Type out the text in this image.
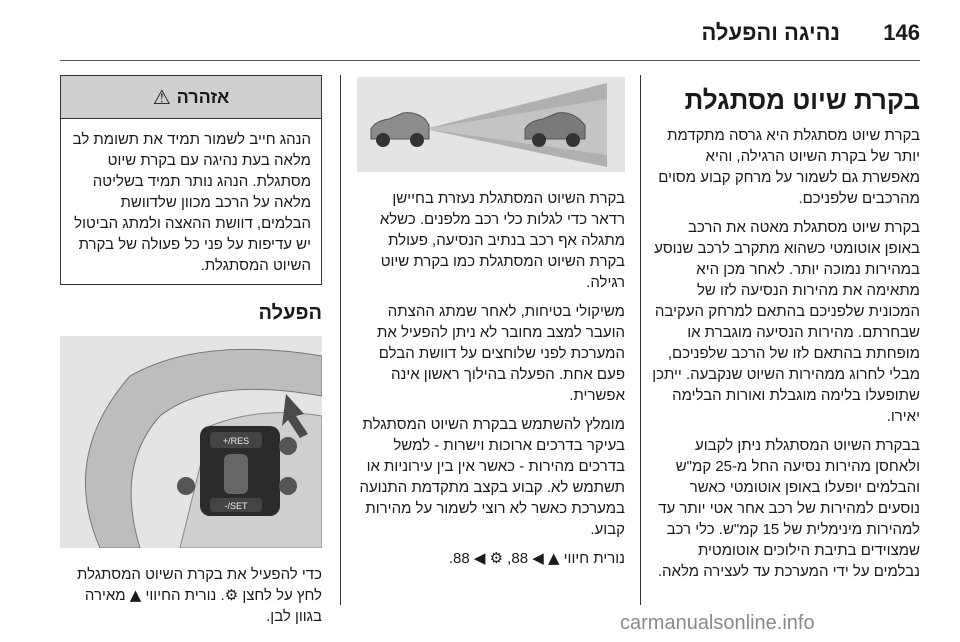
146
נהיגה והפעלה
בקרת שיוט מסתגלת

בקרת שיוט מסתגלת היא גרסה מתקדמת יותר של בקרת השיוט הרגילה, והיא מאפשרת גם לשמור על מרחק קבוע מסוים מהרכבים שלפניכם.

בקרת שיוט מסתגלת מאטה את הרכב באופן אוטומטי כשהוא מתקרב לרכב שנוסע במהירות נמוכה יותר. לאחר מכן היא מתאימה את מהירות הנסיעה לזו של המכונית שלפניכם בהתאם למרחק העקיבה שבחרתם. מהירות הנסיעה מוגברת או מופחתת בהתאם לזו של הרכב שלפניכם, מבלי לחרוג ממהירות השיוט שנקבעה. ייתכן שתופעלו בלימה מוגבלת ואורות הבלימה יאירו.

בבקרת השיוט המסתגלת ניתן לקבוע ולאחסן מהירות נסיעה החל מ-25 קמ"ש והבלמים יופעלו באופן אוטומטי כאשר נוסעים למהירות של רכב אחר אטי יותר עד למהירות מינימלית של 15 קמ"ש. כלי רכב שמצוידים בתיבת הילוכים אוטומטית נבלמים על ידי המערכת עד לעצירה מלאה.

בקרת השיוט המסתגלת נעזרת בחיישן רדאר כדי לגלות כלי רכב מלפנים. כשלא מתגלה אף רכב בנתיב הנסיעה, פעולת בקרת השיוט המסתגלת כמו בקרת שיוט רגילה.

משיקולי בטיחות, לאחר שמתג ההצתה הועבר למצב מחובר לא ניתן להפעיל את המערכת לפני שלוחצים על דוושת הבלם פעם אחת. הפעלה בהילוך ראשון אינה אפשרית.

מומלץ להשתמש בבקרת השיוט המסתגלת בעיקר בדרכים ארוכות וישרות - למשל בדרכים מהירות - כאשר אין בין עירוניות או תשתמש לא. קבוע בקצב מתקדמת התנועה במערכת כאשר לא רוצי לשמור על מהירות קבוע.

נורית חיווי ▲ ◀ 88, ⚙ ◀ 88.

אזהרה
⚠
הנהג חייב לשמור תמיד את תשומת לב מלאה בעת נהיגה עם בקרת שיוט מסתגלת. הנהג נותר תמיד בשליטה מלאה על הרכב מכוון שלדוושת הבלמים, דוושת ההאצה ולמתג הביטול יש עדיפות על פני כל פעולה של בקרת השיוט המסתגלת.
הפעלה
RES/+
SET/-

כדי להפעיל את בקרת השיוט המסתגלת לחץ על לחצן ⚙. נורית החיווי ▲ מאירה בגוון לבן.	carmanualsonline.info
